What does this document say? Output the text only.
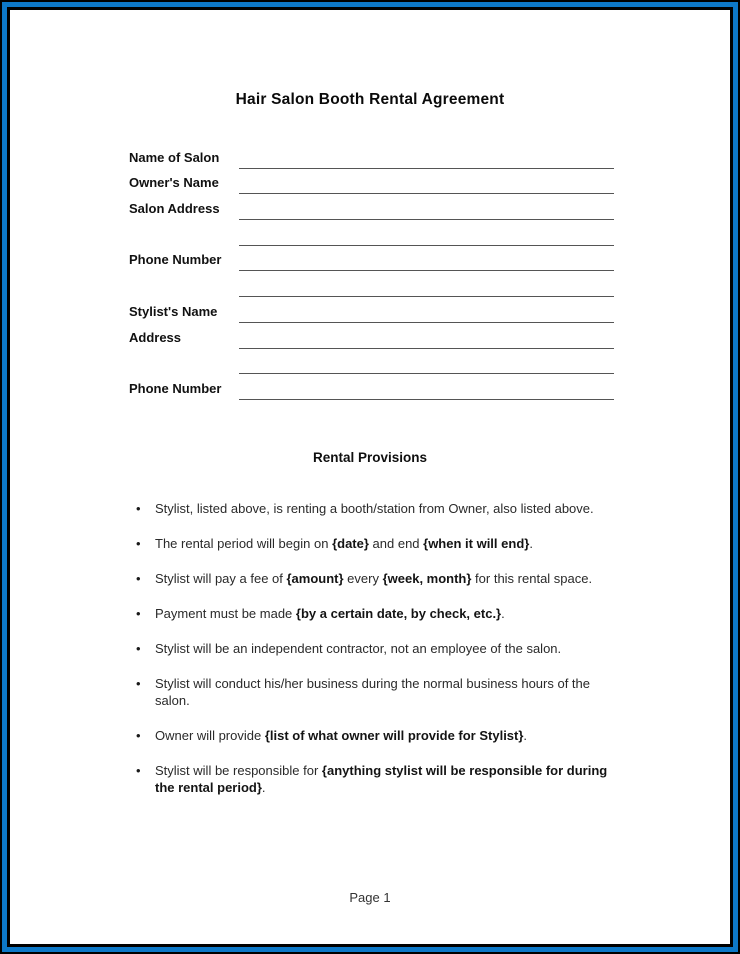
Hair Salon Booth Rental Agreement
Name of Salon
Owner's Name
Salon Address
Phone Number
Stylist's Name
Address
Phone Number
Rental Provisions
•	Stylist, listed above, is renting a booth/station from Owner, also listed above.
•	The rental period will begin on {date} and end {when it will end}.
•	Stylist will pay a fee of {amount} every {week, month} for this rental space.
•	Payment must be made {by a certain date, by check, etc.}.
•	Stylist will be an independent contractor, not an employee of the salon.
•	Stylist will conduct his/her business during the normal business hours of the salon.
•	Owner will provide {list of what owner will provide for Stylist}.
•	Stylist will be responsible for {anything stylist will be responsible for during the rental period}.
Page 1
